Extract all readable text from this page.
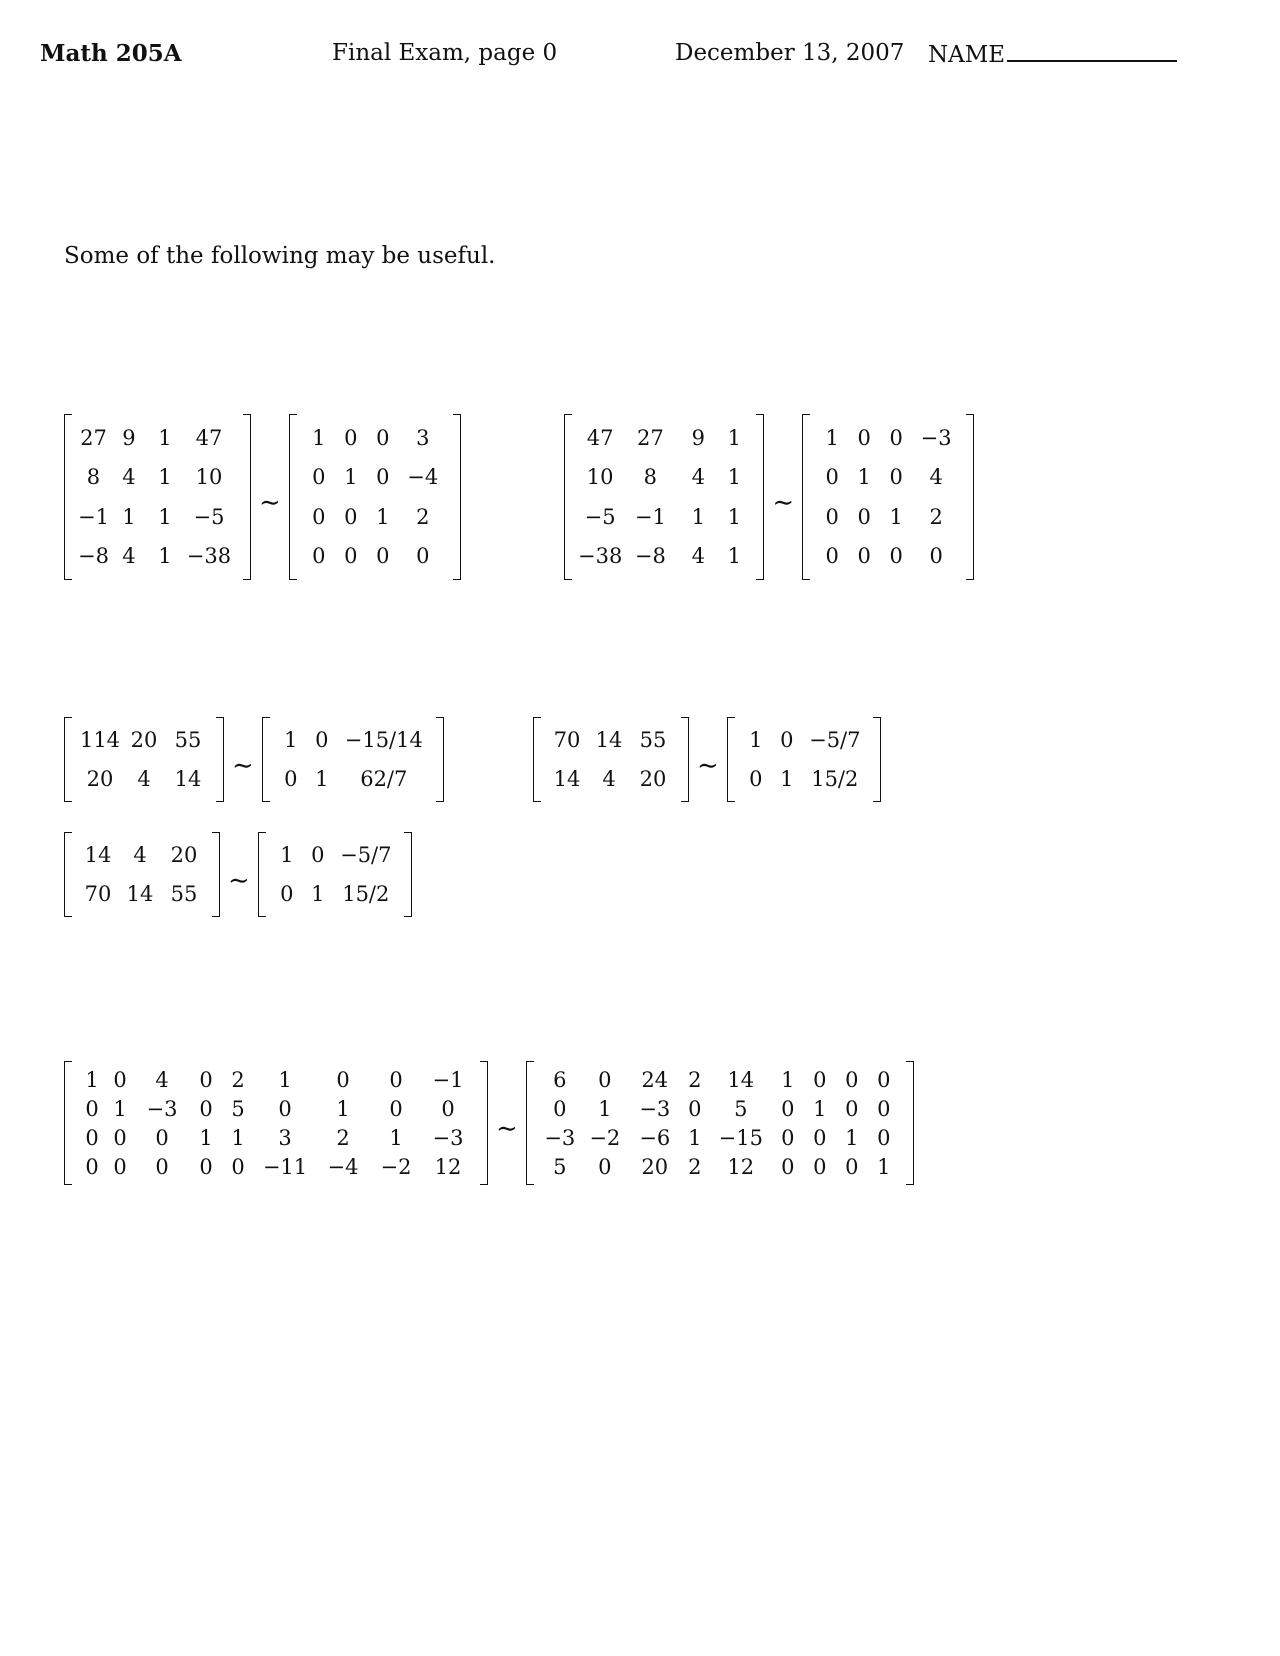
Math 205A	Final Exam, page 0	December 13, 2007 NAME
Some of the following may be useful.
27	9	1	47
8	4	1	10
−1	1	1	−5
−8	4	1	−38
∼
1	0	0	3
0	1	0	−4
0	0	1	2
0	0	0	0
47	27	9	1
10	8	4	1
−5	−1	1	1
−38	−8	4	1
∼
1	0	0	−3
0	1	0	4
0	0	1	2
0	0	0	0
114	20	55
20	4	14 ∼
1	0	−15/14
0	1	62/7
70	14	55
14	4	20 ∼
1	0	−5/7
0	1	15/2
14	4	20
70	14	55 ∼
1	0	−5/7
0	1	15/2
1	0	4	0	2	1	0	0	−1
0	1	−3	0	5	0	1	0	0
0	0	0	1	1	3	2	1	−3
0	0	0	0	0	−11	−4	−2	12
∼
6	0	24	2	14	1	0	0	0
0	1	−3	0	5	0	1	0	0
−3	−2	−6	1	−15	0	0	1	0
5	0	20	2	12	0	0	0	1
